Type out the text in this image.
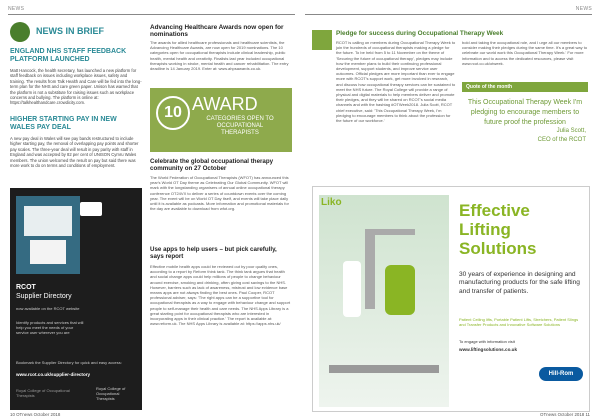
NEWS	NEWS
NEWS IN BRIEF
ENGLAND NHS STAFF FEEDBACK PLATFORM LAUNCHED
Matt Hancock, the health secretary, has launched a new platform for staff feedback on issues including workplace issues, safety and training. The results from Talk Health and Care will be fed into the long-term plan for the NHS and care green paper. Unison has warned that the platform is not a substitute for raising issues such as workplace concerns and bullying. The platform is online at: https://talkhealthandcare.crowdicity.com.
HIGHER STARTING PAY IN NEW WALES PAY DEAL
A new pay deal in Wales will see pay bands restructured to include higher starting pay, the removal of overlapping pay points and shorter pay scales. The three-year deal will result in pay parity with staff in England and was accepted by 82 per cent of UNISON Cymru Wales members. The union welcomed the result on pay but said there was more work to do on terms and conditions of employment.
RCOT
Supplier Directory
now available on the RCOT website
Identify products and services that will help you meet the needs of your service user wherever you are
Bookmark the Supplier Directory for quick and easy access:
www.rcot.co.uk/supplier-directory
Royal College of Occupational Therapists
Royal College of Occupational Therapists
Advancing Healthcare Awards now open for nominations
The awards for allied healthcare professionals and healthcare scientists, the Advancing Healthcare Awards, are now open for 2019 nominations. The 10 categories open for occupational therapists include clinical leadership, public health, mental health and creativity. Finalists last year included occupational therapists working in stroke, mental health and cancer rehabilitation. The entry deadline is 14 January 2019. Enter at: www.ahpsawards.co.uk.
10 AWARD
CATEGORIES OPEN TO OCCUPATIONAL THERAPISTS
Celebrate the global occupational therapy community on 27 October
The World Federation of Occupational Therapists (WFOT) has announced this year's World OT Day theme as Celebrating Our Global Community. WFOT will mark with the longstanding organisers of annual online occupational therapy conference OT24VX to deliver a series of countdown events over the coming year. The event will be on World OT Day itself, and events will take place daily until it is available as podcasts. More information and promotional materials for the day are available to download from wfot.org.
Use apps to help users – but pick carefully, says report
Effective mobile health apps could be reviewed out by poor quality ones, according to a report by Reform think tank. The think tank argues that health and social change apps could help millions of people to change behaviour around exercise, smoking and drinking, often giving cost savings to the NHS. However, barriers such as lack of awareness, mistrust and low evidence base means apps are not always finding the best ones. Paul Cooper, RCOT professional adviser, says: 'The right apps can be a supportive tool for occupational therapists as a way to engage with behaviour change and support people to self-manage their health and care needs. The NHS Apps Library is a great starting point for occupational therapists who are interested in incorporating apps in their clinical practice.' The report is available at: www.reform.uk. The NHS Apps Library is available at: https://apps.nhs.uk/
10 OTnews October 2018
Pledge for success during Occupational Therapy Week
RCOT is calling on members during Occupational Therapy Week to join the hundreds of occupational therapists making a pledge for the future. To be held from 5 to 11 November on the theme of 'Securing the future of occupational therapy', pledges may include how the member plans to build their continuing professional development, support students, and improve service user outcomes. Official pledges are more important than ever to engage more with RCOT's support work, get more involved in research, and discuss how occupational therapy services can be sustained to meet the NHS future. The Royal College will provide a range of physical and digital materials to help members deliver and promote their pledges, and they will be shared on RCOT's social media channels and with the hashtag #OTWeek2018. Julia Scott, RCOT chief executive, said: 'This Occupational Therapy Week, I'm pledging to encourage members to think about the profession for the future of our workforce.'
bold and taking the occupational role, and I urge all our members to consider making their pledges during the same time. It's a great way to celebrate our world work this Occupational Therapy Week.' For more information and to access the dedicated resources, please visit www.rcot.co.uk/otweek.
Quote of the month
This Occupational Therapy Week I'm pledging to encourage members to future proof the profession
Julia Scott,
CEO of the RCOT
Liko	Effective Lifting Solutions
30 years of experience in designing and manufacturing products for the safe lifting and transfer of patients.
Patient Ceiling lifts, Portable Patient Lifts, Stretchers, Patient Slings and Transfer Products and Innovative Software Solutions
To engage with information visit
www.liftingsolutions.co.uk
Hill-Rom
OTnews October 2018 11
